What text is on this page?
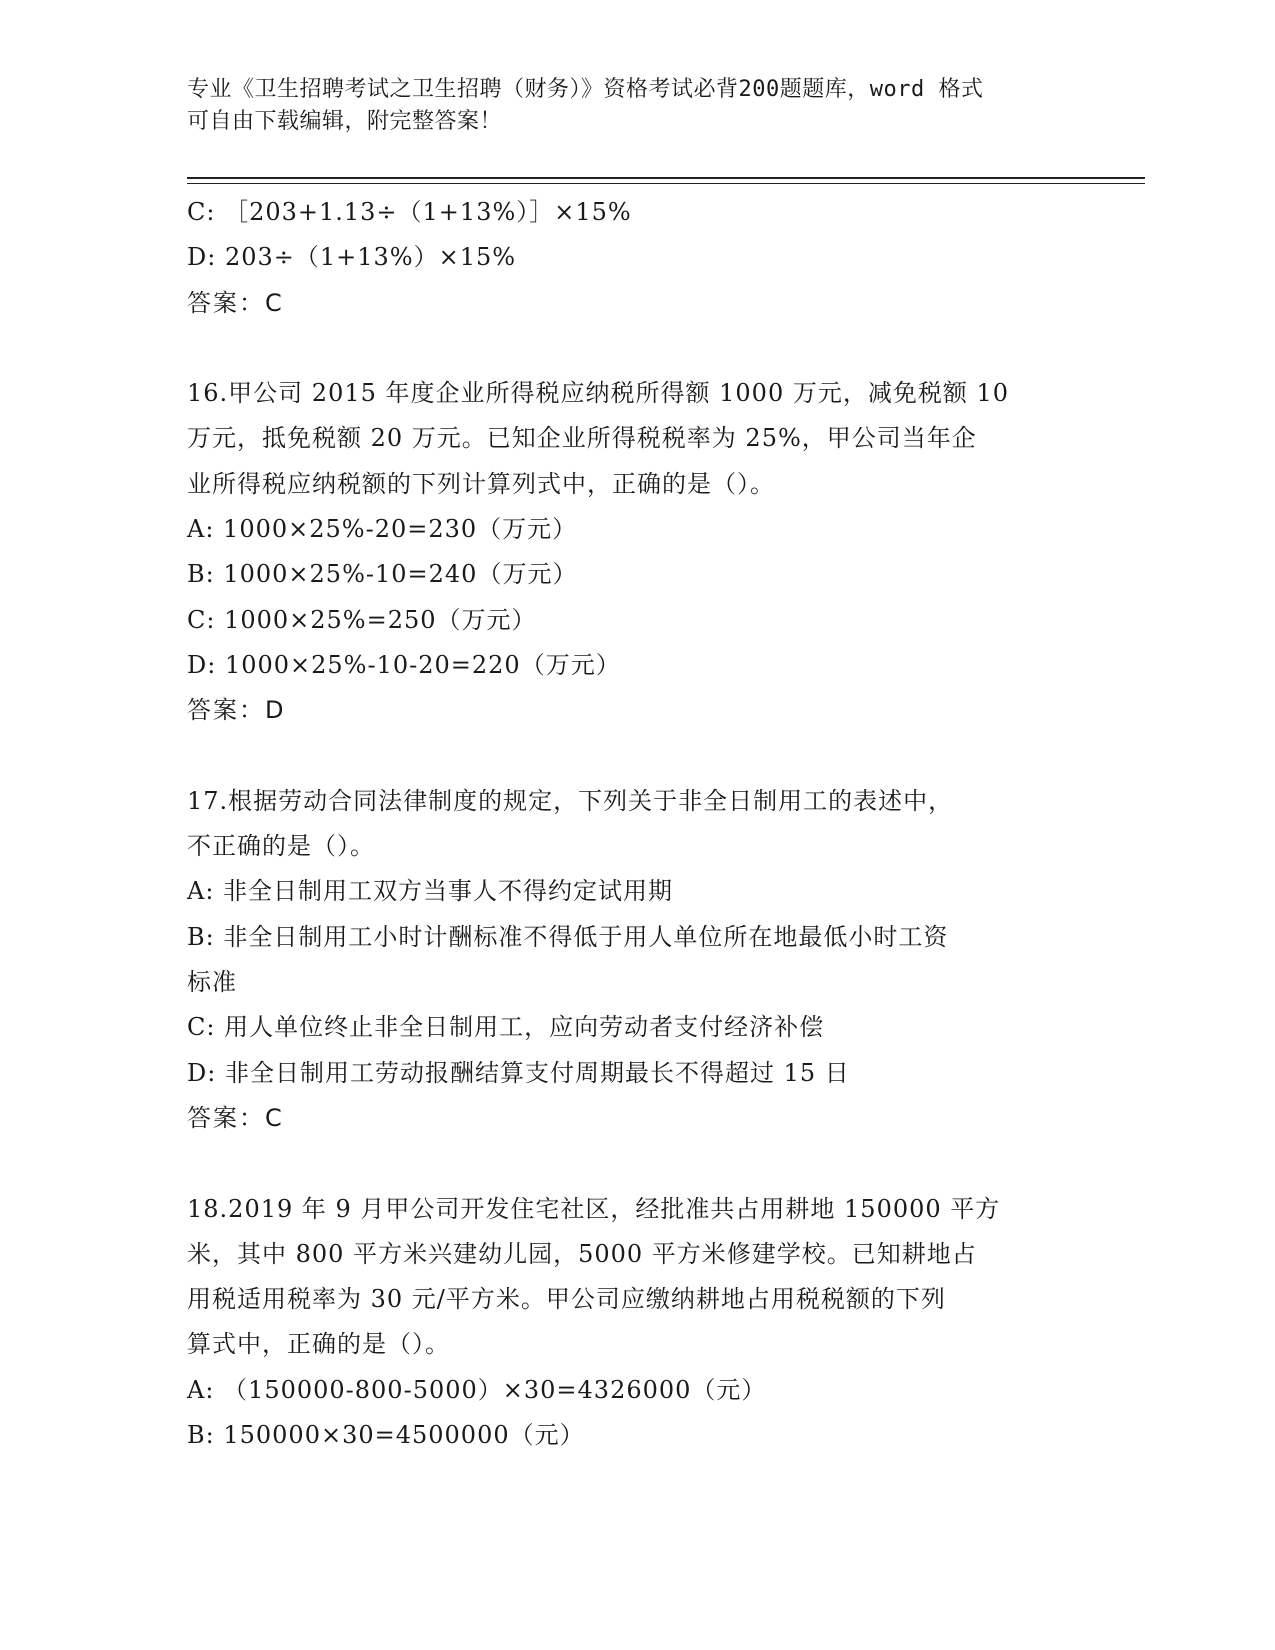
专业《卫生招聘考试之卫生招聘（财务）》资格考试必背200题题库，word 格式
可自由下载编辑，附完整答案！
C: ［203+1.13÷（1+13%）］×15%
D: 203÷（1+13%）×15%
答案：C
16.甲公司 2015 年度企业所得税应纳税所得额 1000 万元，减免税额 10
万元，抵免税额 20 万元。已知企业所得税税率为 25%，甲公司当年企
业所得税应纳税额的下列计算列式中，正确的是（）。
A: 1000×25%-20=230（万元）
B: 1000×25%-10=240（万元）
C: 1000×25%=250（万元）
D: 1000×25%-10-20=220（万元）
答案：D
17.根据劳动合同法律制度的规定，下列关于非全日制用工的表述中，
不正确的是（）。
A: 非全日制用工双方当事人不得约定试用期
B: 非全日制用工小时计酬标准不得低于用人单位所在地最低小时工资
标准
C: 用人单位终止非全日制用工，应向劳动者支付经济补偿
D: 非全日制用工劳动报酬结算支付周期最长不得超过 15 日
答案：C
18.2019 年 9 月甲公司开发住宅社区，经批准共占用耕地 150000 平方
米，其中 800 平方米兴建幼儿园，5000 平方米修建学校。已知耕地占
用税适用税率为 30 元/平方米。甲公司应缴纳耕地占用税税额的下列
算式中，正确的是（）。
A: （150000-800-5000）×30=4326000（元）
B: 150000×30=4500000（元）
